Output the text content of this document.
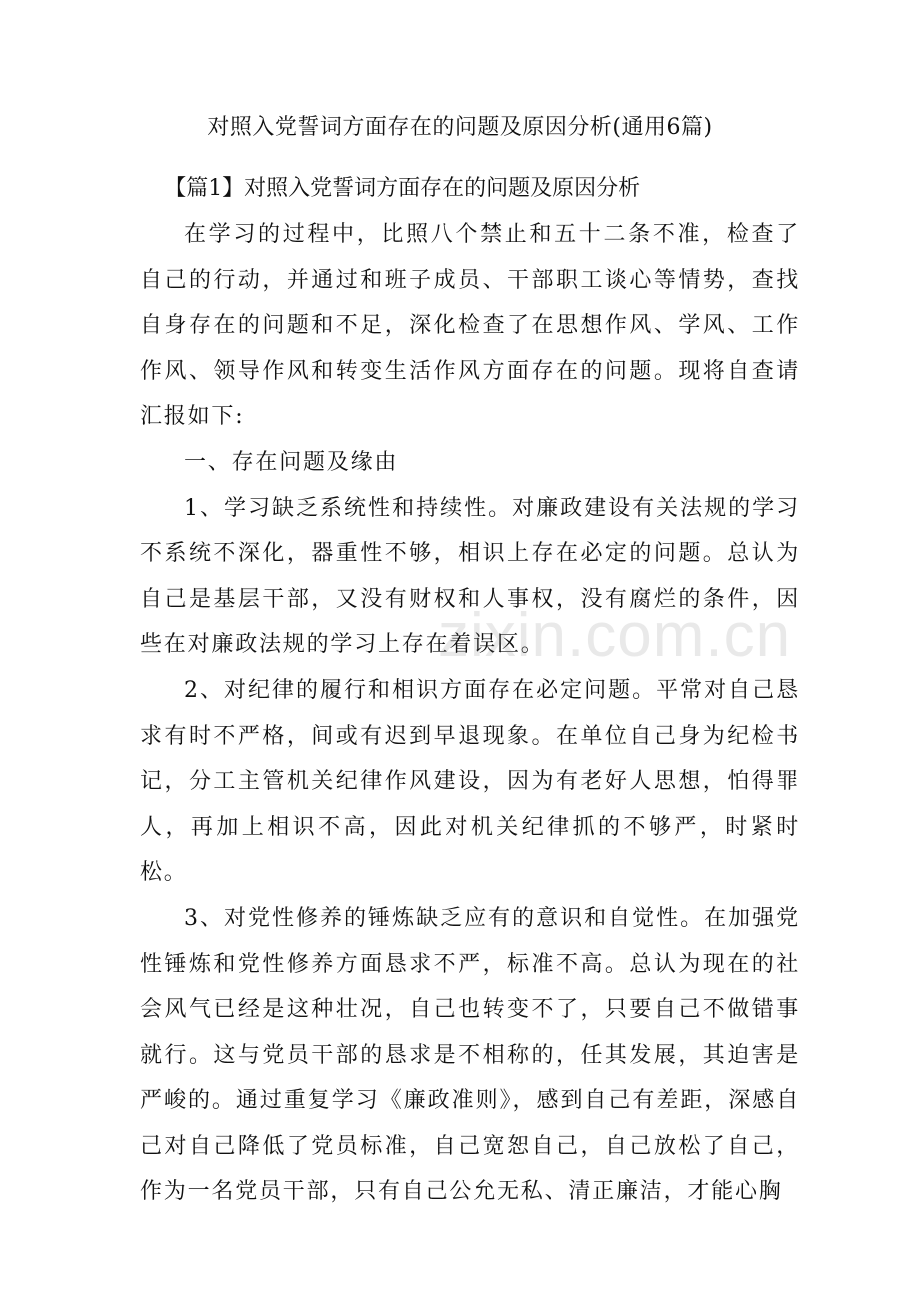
对照入党誓词方面存在的问题及原因分析(通用6篇)
【篇1】对照入党誓词方面存在的问题及原因分析

在学习的过程中，比照八个禁止和五十二条不准，检查了自己的行动，并通过和班子成员、干部职工谈心等情势，查找自身存在的问题和不足，深化检查了在思想作风、学风、工作作风、领导作风和转变生活作风方面存在的问题。现将自查请汇报如下:

一、存在问题及缘由

1、学习缺乏系统性和持续性。对廉政建设有关法规的学习不系统不深化，器重性不够，相识上存在必定的问题。总认为自己是基层干部，又没有财权和人事权，没有腐烂的条件，因些在对廉政法规的学习上存在着误区。

2、对纪律的履行和相识方面存在必定问题。平常对自己恳求有时不严格，间或有迟到早退现象。在单位自己身为纪检书记，分工主管机关纪律作风建设，因为有老好人思想，怕得罪人，再加上相识不高，因此对机关纪律抓的不够严，时紧时松。

3、对党性修养的锤炼缺乏应有的意识和自觉性。在加强党性锤炼和党性修养方面恳求不严，标准不高。总认为现在的社会风气已经是这种壮况，自己也转变不了，只要自己不做错事就行。这与党员干部的恳求是不相称的，任其发展，其迫害是严峻的。通过重复学习《廉政准则》，感到自己有差距，深感自己对自己降低了党员标准，自己宽恕自己，自己放松了自己，作为一名党员干部，只有自己公允无私、清正廉洁，才能心胸

zixin.com.cn
